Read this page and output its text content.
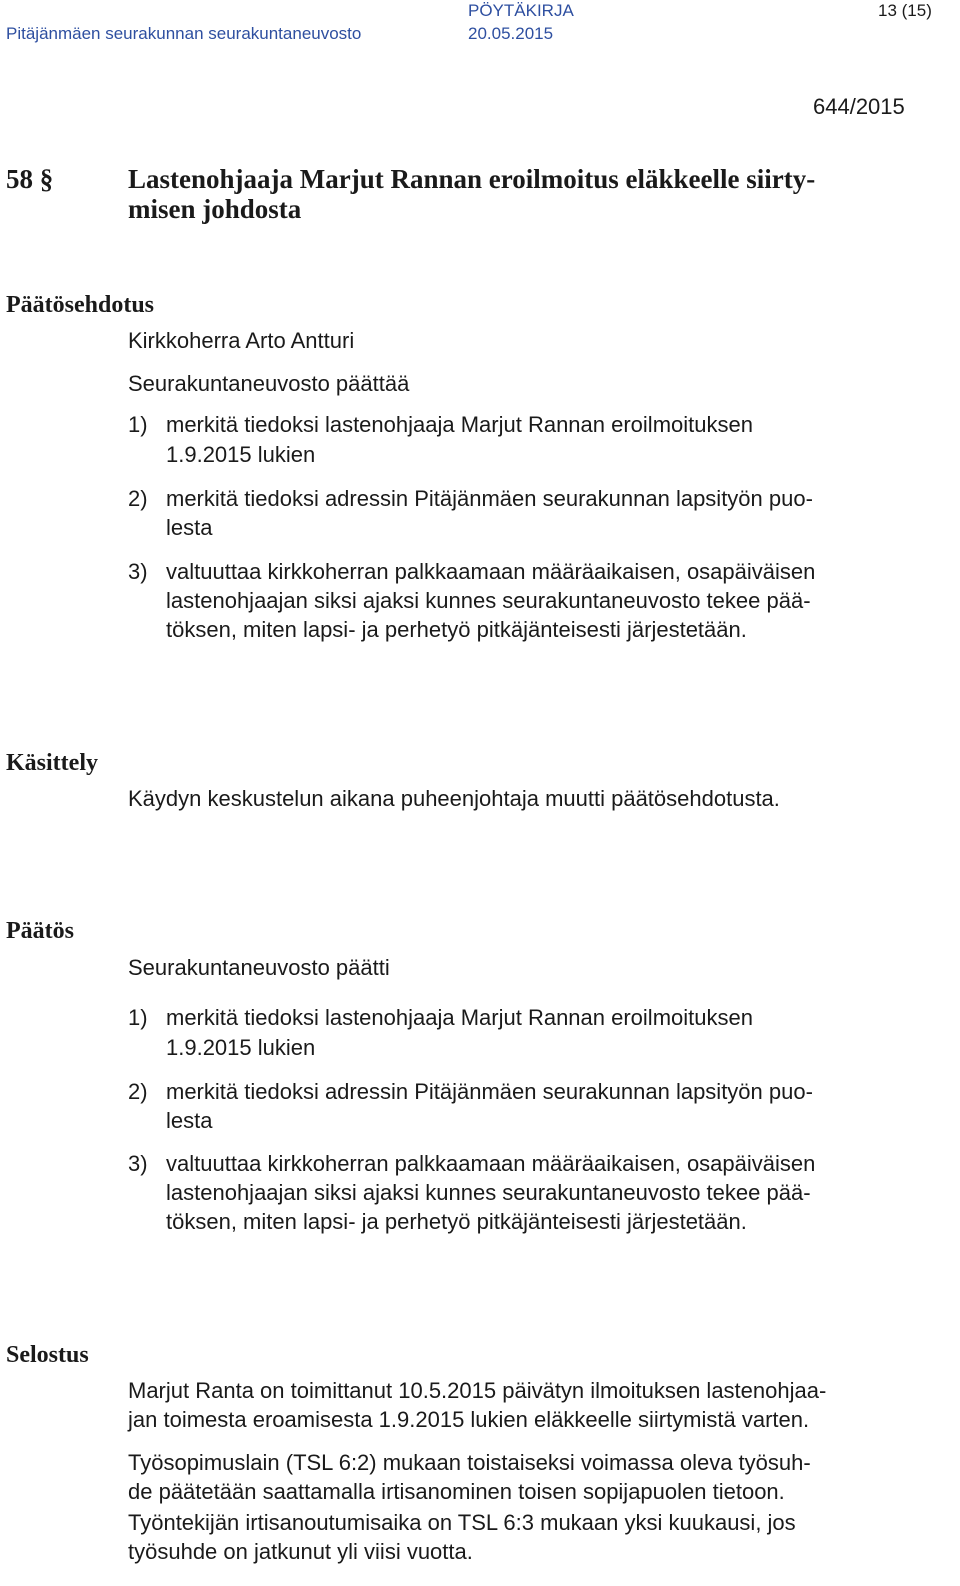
PÖYTÄKIRJA	13 (15)
Pitäjänmäen seurakunnan seurakuntaneuvosto	20.05.2015
644/2015
58 §	Lastenohjaaja Marjut Rannan eroilmoitus eläkkeelle siirty-
misen johdosta
Päätösehdotus
Kirkkoherra Arto Antturi
Seurakuntaneuvosto päättää
1) merkitä tiedoksi lastenohjaaja Marjut Rannan eroilmoituksen
1.9.2015 lukien
2) merkitä tiedoksi adressin Pitäjänmäen seurakunnan lapsityön puo-
lesta
3) valtuuttaa kirkkoherran palkkaamaan määräaikaisen, osapäiväisen
lastenohjaajan siksi ajaksi kunnes seurakuntaneuvosto tekee pää-
töksen, miten lapsi- ja perhetyö pitkäjänteisesti järjestetään.
Käsittely
Käydyn keskustelun aikana puheenjohtaja muutti päätösehdotusta.
Päätös
Seurakuntaneuvosto päätti
1) merkitä tiedoksi lastenohjaaja Marjut Rannan eroilmoituksen
1.9.2015 lukien
2) merkitä tiedoksi adressin Pitäjänmäen seurakunnan lapsityön puo-
lesta
3) valtuuttaa kirkkoherran palkkaamaan määräaikaisen, osapäiväisen
lastenohjaajan siksi ajaksi kunnes seurakuntaneuvosto tekee pää-
töksen, miten lapsi- ja perhetyö pitkäjänteisesti järjestetään.
Selostus
Marjut Ranta on toimittanut 10.5.2015 päivätyn ilmoituksen lastenohjaa-
jan toimesta eroamisesta 1.9.2015 lukien eläkkeelle siirtymistä varten.
Työsopimuslain (TSL 6:2) mukaan toistaiseksi voimassa oleva työsuh-
de päätetään saattamalla irtisanominen toisen sopijapuolen tietoon.
Työntekijän irtisanoutumisaika on TSL 6:3 mukaan yksi kuukausi, jos
työsuhde on jatkunut yli viisi vuotta.
